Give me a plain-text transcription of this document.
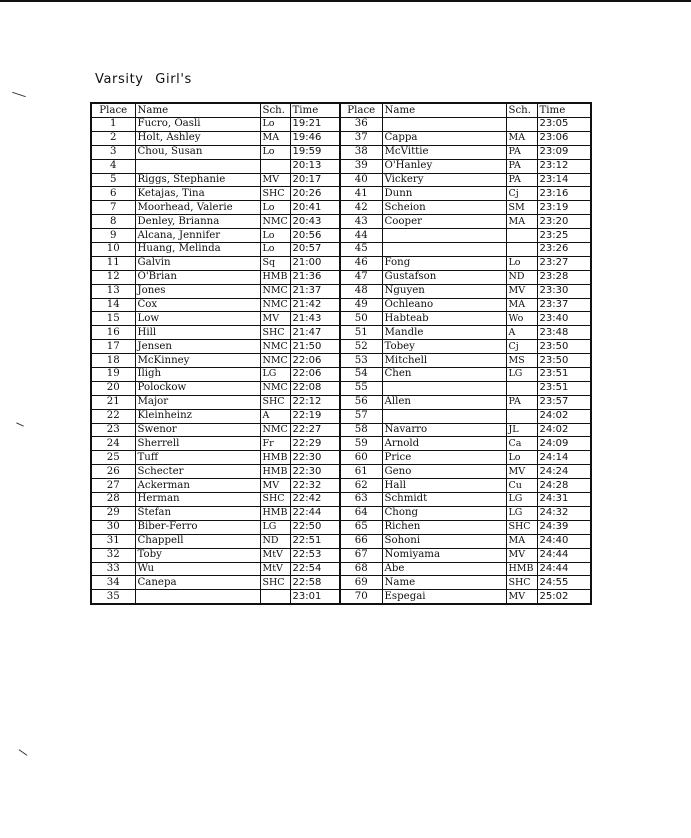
Varsity Girl's
Place	Name	Sch.	Time	Place	Name	Sch.	Time
1	Fucro, Oasli	Lo	19:21	36			23:05
2	Holt, Ashley	MA	19:46	37	Cappa	MA	23:06
3	Chou, Susan	Lo	19:59	38	McVittie	PA	23:09
4			20:13	39	O'Hanley	PA	23:12
5	Riggs, Stephanie	MV	20:17	40	Vickery	PA	23:14
6	Ketajas, Tina	SHC	20:26	41	Dunn	Cj	23:16
7	Moorhead, Valerie	Lo	20:41	42	Scheion	SM	23:19
8	Denley, Brianna	NMC	20:43	43	Cooper	MA	23:20
9	Alcana, Jennifer	Lo	20:56	44			23:25
10	Huang, Melinda	Lo	20:57	45			23:26
11	Galvin	Sq	21:00	46	Fong	Lo	23:27
12	O'Brian	HMB	21:36	47	Gustafson	ND	23:28
13	Jones	NMC	21:37	48	Nguyen	MV	23:30
14	Cox	NMC	21:42	49	Ochleano	MA	23:37
15	Low	MV	21:43	50	Habteab	Wo	23:40
16	Hill	SHC	21:47	51	Mandle	A	23:48
17	Jensen	NMC	21:50	52	Tobey	Cj	23:50
18	McKinney	NMC	22:06	53	Mitchell	MS	23:50
19	Iligh	LG	22:06	54	Chen	LG	23:51
20	Polockow	NMC	22:08	55			23:51
21	Major	SHC	22:12	56	Allen	PA	23:57
22	Kleinheinz	A	22:19	57			24:02
23	Swenor	NMC	22:27	58	Navarro	JL	24:02
24	Sherrell	Fr	22:29	59	Arnold	Ca	24:09
25	Tuff	HMB	22:30	60	Price	Lo	24:14
26	Schecter	HMB	22:30	61	Geno	MV	24:24
27	Ackerman	MV	22:32	62	Hall	Cu	24:28
28	Herman	SHC	22:42	63	Schmidt	LG	24:31
29	Stefan	HMB	22:44	64	Chong	LG	24:32
30	Biber-Ferro	LG	22:50	65	Richen	SHC	24:39
31	Chappell	ND	22:51	66	Sohoni	MA	24:40
32	Toby	MtV	22:53	67	Nomiyama	MV	24:44
33	Wu	MtV	22:54	68	Abe	HMB	24:44
34	Canepa	SHC	22:58	69	Name	SHC	24:55
35			23:01	70	Espegai	MV	25:02
